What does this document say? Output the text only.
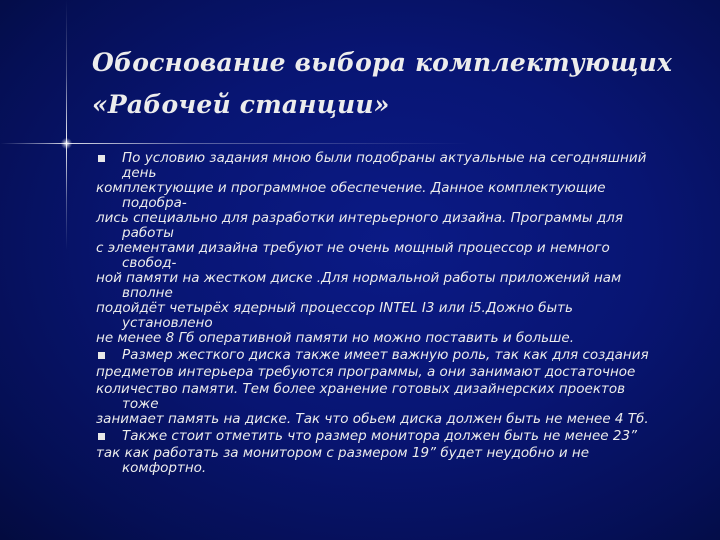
Обоснование выбора комплектующих
«Рабочей станции»
По условию задания мною были подобраны актуальные на сегодняшний
день
комплектующие и программное обеспечение. Данное комплектующие
подобра-
лись специально для разработки интерьерного дизайна. Программы для
работы
с элементами дизайна требуют не очень мощный процессор и немного
свобод-
ной памяти на жестком диске .Для нормальной работы приложений нам
вполне
подойдёт четырёх ядерный процессор INTEL I3 или i5.Дожно быть
установлено
не менее 8 Гб оперативной памяти но можно поставить и больше.
Размер жесткого диска также имеет важную роль, так как для создания
предметов интерьера требуются программы, а они занимают достаточное
количество памяти. Тем более хранение готовых дизайнерских проектов
тоже
занимает память на диске. Так что обьем диска должен быть не менее 4 Тб.
Также стоит отметить что размер монитора должен быть не менее 23”
так как работать за монитором с размером 19” будет неудобно и не
комфортно.
